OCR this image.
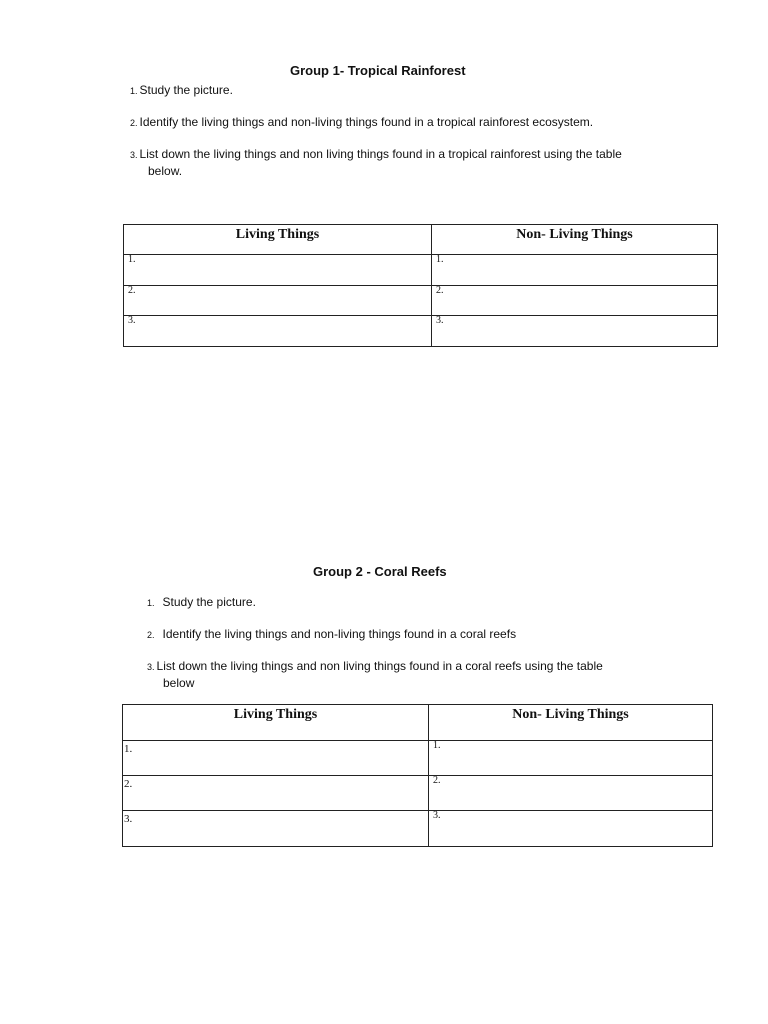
Group 1- Tropical Rainforest
1. Study the picture.
2. Identify the living things and non-living things found in a tropical rainforest ecosystem.
3. List down the living things and non living things found in a tropical rainforest using the table
below.
Living Things	Non- Living Things

1.	1.

2.	2.

3.	3.
Group 2 - Coral Reefs
1. Study the picture.
2. Identify the living things and non-living things found in a coral reefs
3. List down the living things and non living things found in a coral reefs using the table
below
Living Things	Non- Living Things

1.	1.

2.	2.

3.	3.
